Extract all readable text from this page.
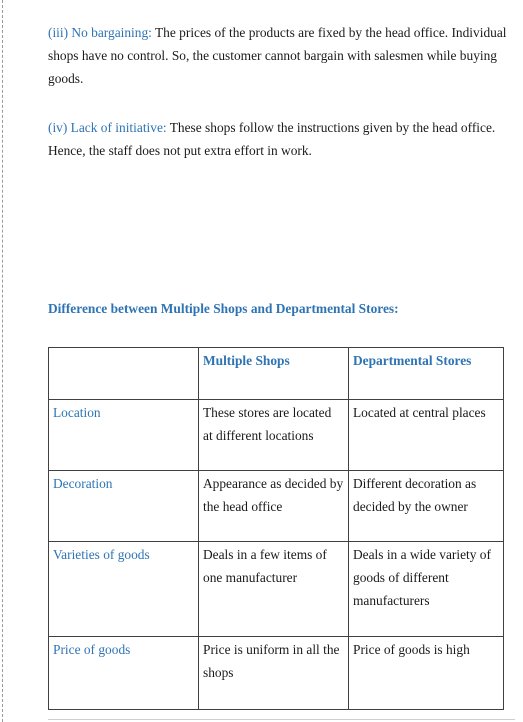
(iii) No bargaining: The prices of the products are fixed by the head office. Individual shops have no control. So, the customer cannot bargain with salesmen while buying goods.

(iv) Lack of initiative: These shops follow the instructions given by the head office. Hence, the staff does not put extra effort in work.

Difference between Multiple Shops and Departmental Stores:
	Multiple Shops	Departmental Stores
Location	These stores are located at different locations	Located at central places
Decoration	Appearance as decided by the head office	Different decoration as decided by the owner
Varieties of goods	Deals in a few items of one manufacturer	Deals in a wide variety of goods of different manufacturers
Price of goods	Price is uniform in all the shops	Price of goods is high
